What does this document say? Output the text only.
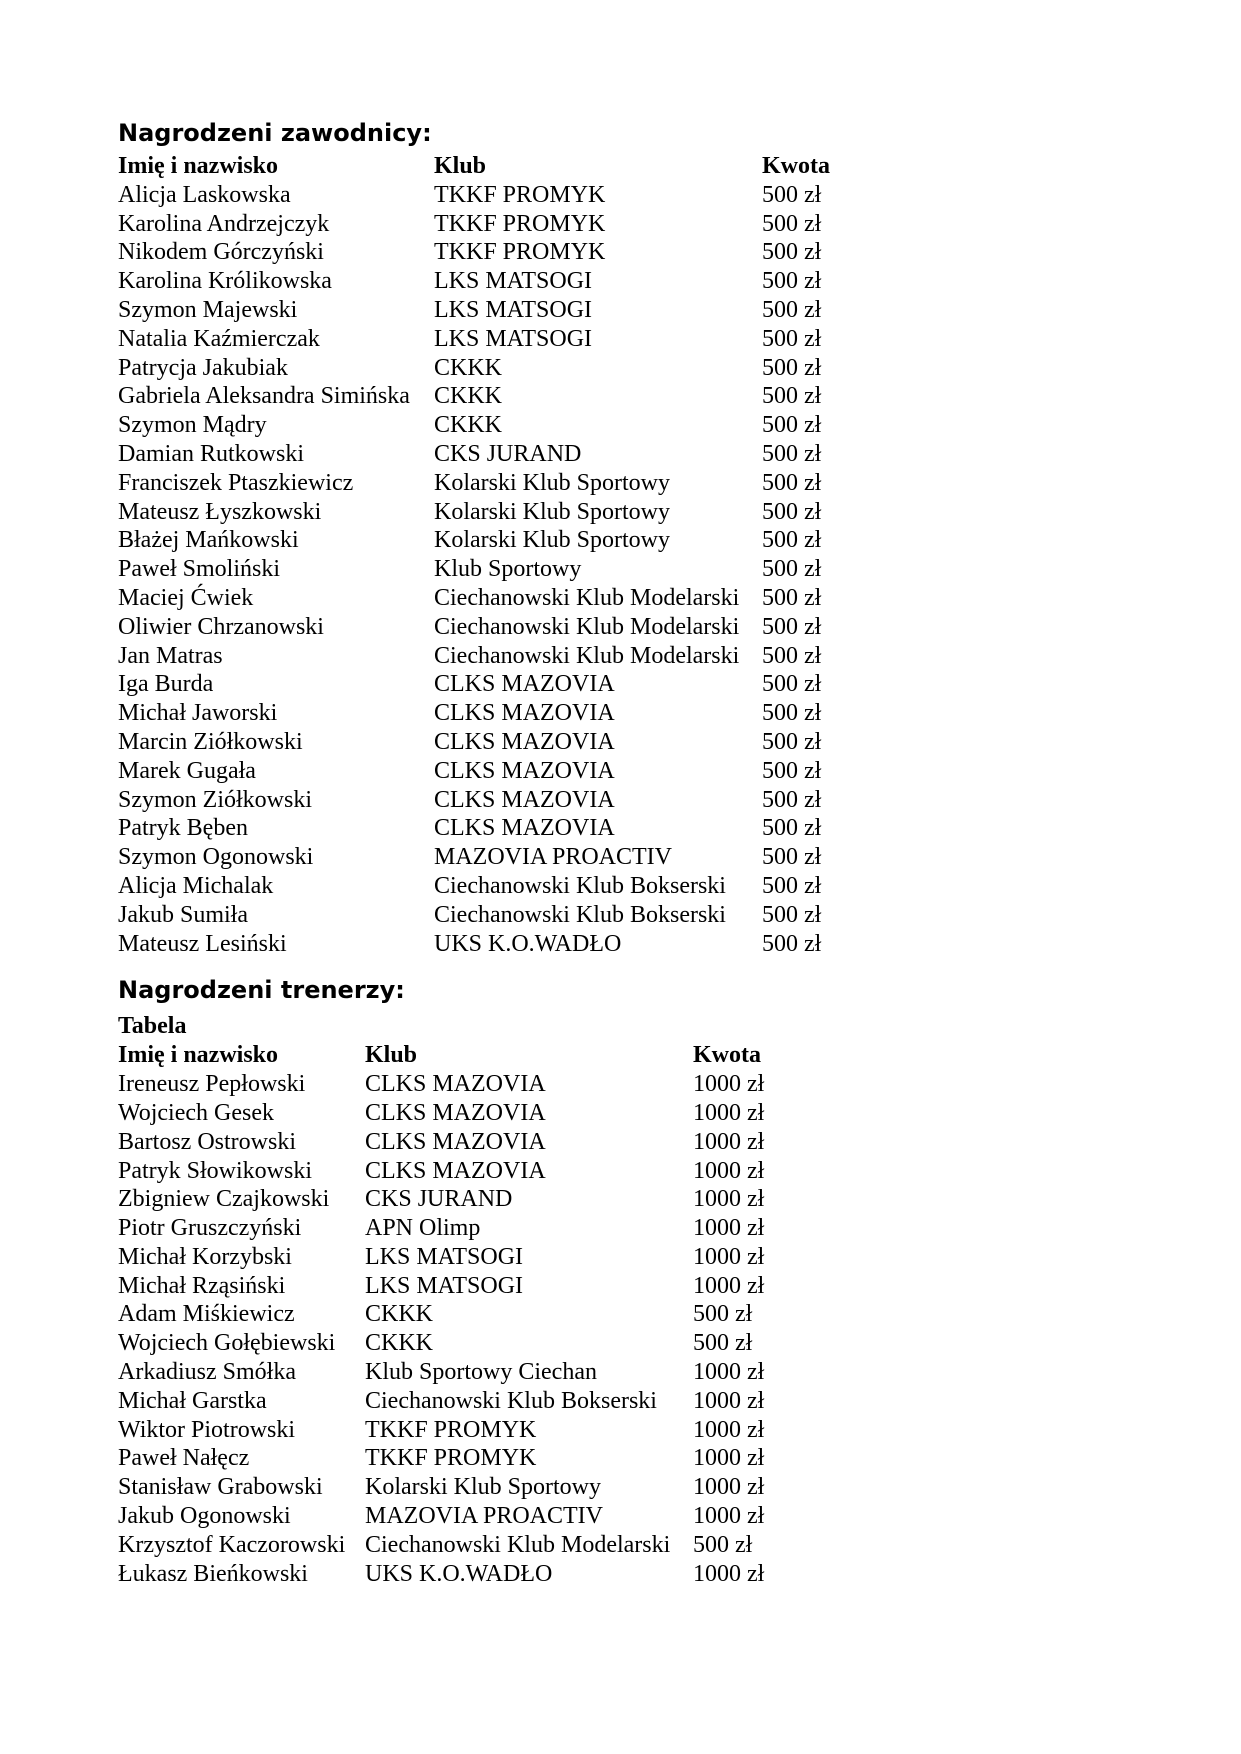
Nagrodzeni zawodnicy:
Imię i nazwisko	Klub	Kwota
Alicja Laskowska	TKKF PROMYK	500 zł
Karolina Andrzejczyk	TKKF PROMYK	500 zł
Nikodem Górczyński	TKKF PROMYK	500 zł
Karolina Królikowska	LKS MATSOGI	500 zł
Szymon Majewski	LKS MATSOGI	500 zł
Natalia Kaźmierczak	LKS MATSOGI	500 zł
Patrycja Jakubiak	CKKK	500 zł
Gabriela Aleksandra Simińska	CKKK	500 zł
Szymon Mądry	CKKK	500 zł
Damian Rutkowski	CKS JURAND	500 zł
Franciszek Ptaszkiewicz	Kolarski Klub Sportowy	500 zł
Mateusz Łyszkowski	Kolarski Klub Sportowy	500 zł
Błażej Mańkowski	Kolarski Klub Sportowy	500 zł
Paweł Smoliński	Klub Sportowy	500 zł
Maciej Ćwiek	Ciechanowski Klub Modelarski	500 zł
Oliwier Chrzanowski	Ciechanowski Klub Modelarski	500 zł
Jan Matras	Ciechanowski Klub Modelarski	500 zł
Iga Burda	CLKS MAZOVIA	500 zł
Michał Jaworski	CLKS MAZOVIA	500 zł
Marcin Ziółkowski	CLKS MAZOVIA	500 zł
Marek Gugała	CLKS MAZOVIA	500 zł
Szymon Ziółkowski	CLKS MAZOVIA	500 zł
Patryk Bęben	CLKS MAZOVIA	500 zł
Szymon Ogonowski	MAZOVIA PROACTIV	500 zł
Alicja Michalak	Ciechanowski Klub Bokserski	500 zł
Jakub Sumiła	Ciechanowski Klub Bokserski	500 zł
Mateusz Lesiński	UKS K.O.WADŁO	500 zł
Nagrodzeni trenerzy:
Tabela
Imię i nazwisko	Klub	Kwota
Ireneusz Pepłowski	CLKS MAZOVIA	1000 zł
Wojciech Gesek	CLKS MAZOVIA	1000 zł
Bartosz Ostrowski	CLKS MAZOVIA	1000 zł
Patryk Słowikowski	CLKS MAZOVIA	1000 zł
Zbigniew Czajkowski	CKS JURAND	1000 zł
Piotr Gruszczyński	APN Olimp	1000 zł
Michał Korzybski	LKS MATSOGI	1000 zł
Michał Rząsiński	LKS MATSOGI	1000 zł
Adam Miśkiewicz	CKKK	500 zł
Wojciech Gołębiewski	CKKK	500 zł
Arkadiusz Smółka	Klub Sportowy Ciechan	1000 zł
Michał Garstka	Ciechanowski Klub Bokserski	1000 zł
Wiktor Piotrowski	TKKF PROMYK	1000 zł
Paweł Nałęcz	TKKF PROMYK	1000 zł
Stanisław Grabowski	Kolarski Klub Sportowy	1000 zł
Jakub Ogonowski	MAZOVIA PROACTIV	1000 zł
Krzysztof Kaczorowski	Ciechanowski Klub Modelarski	500 zł
Łukasz Bieńkowski	UKS K.O.WADŁO	1000 zł
